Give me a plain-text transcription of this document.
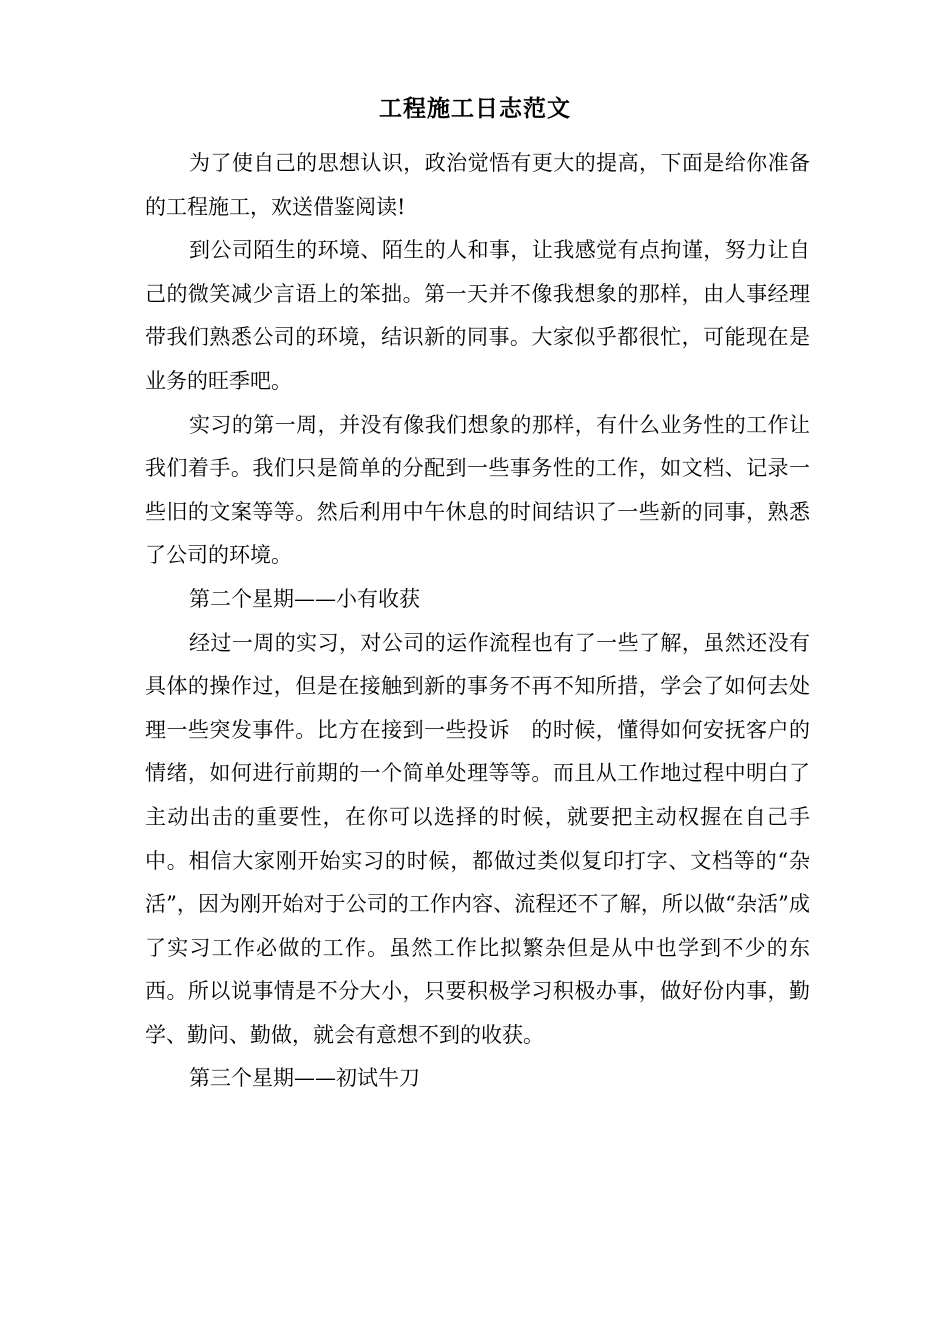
工程施工日志范文

为了使自己的思想认识，政治觉悟有更大的提高，下面是给你准备的工程施工，欢送借鉴阅读!

到公司陌生的环境、陌生的人和事，让我感觉有点拘谨，努力让自己的微笑减少言语上的笨拙。第一天并不像我想象的那样，由人事经理带我们熟悉公司的环境，结识新的同事。大家似乎都很忙，可能现在是业务的旺季吧。

实习的第一周，并没有像我们想象的那样，有什么业务性的工作让我们着手。我们只是简单的分配到一些事务性的工作，如文档、记录一些旧的文案等等。然后利用中午休息的时间结识了一些新的同事，熟悉了公司的环境。

第二个星期——小有收获

经过一周的实习，对公司的运作流程也有了一些了解，虽然还没有具体的操作过，但是在接触到新的事务不再不知所措，学会了如何去处理一些突发事件。比方在接到一些投诉　的时候，懂得如何安抚客户的情绪，如何进行前期的一个简单处理等等。而且从工作地过程中明白了主动出击的重要性，在你可以选择的时候，就要把主动权握在自己手中。相信大家刚开始实习的时候，都做过类似复印打字、文档等的“杂活”，因为刚开始对于公司的工作内容、流程还不了解，所以做“杂活”成了实习工作必做的工作。虽然工作比拟繁杂但是从中也学到不少的东西。所以说事情是不分大小，只要积极学习积极办事，做好份内事，勤学、勤问、勤做，就会有意想不到的收获。

第三个星期——初试牛刀
